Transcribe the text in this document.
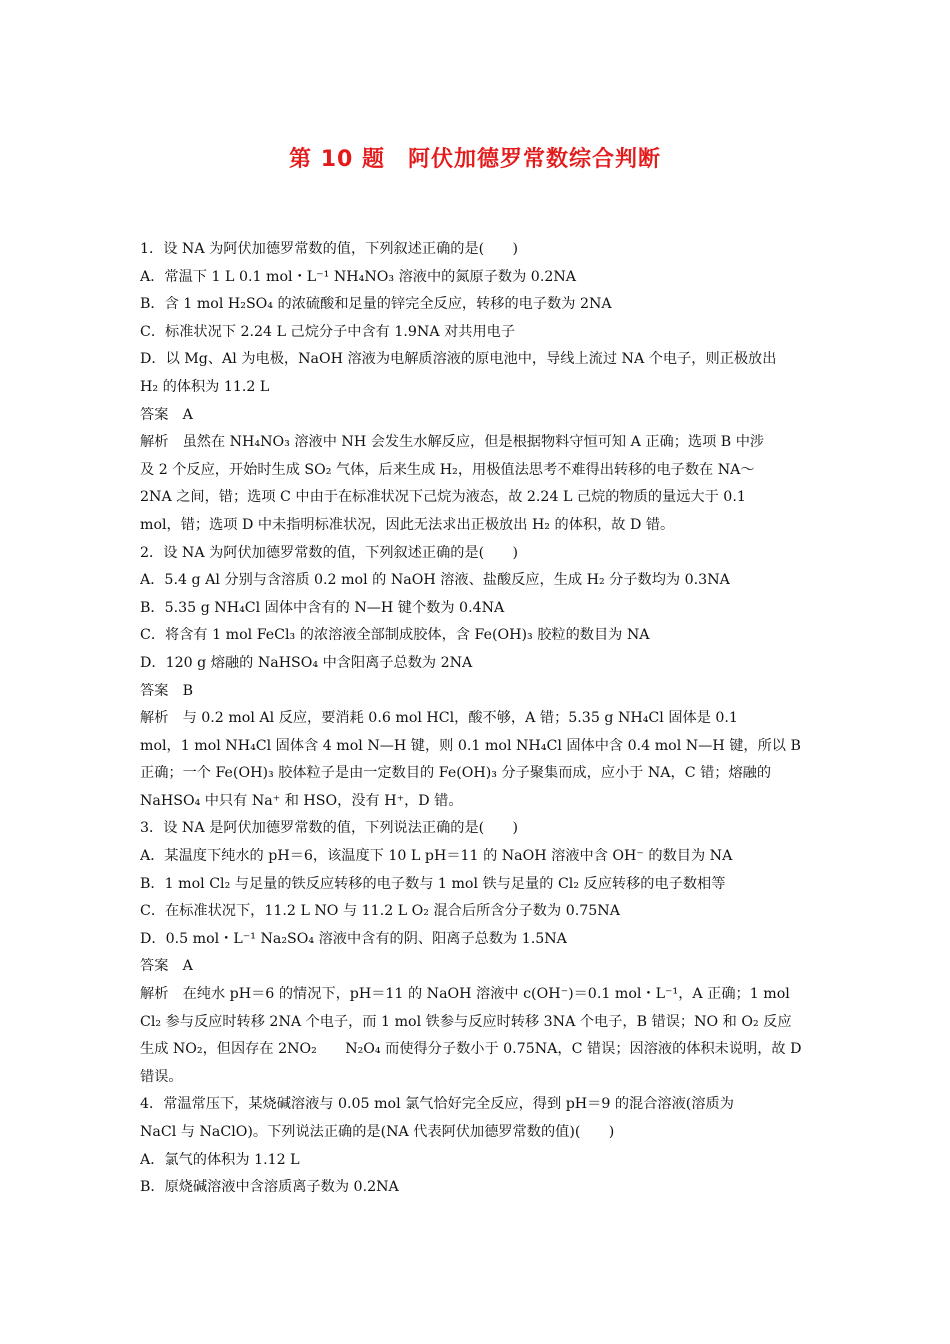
第 10 题　阿伏加德罗常数综合判断
1．设 NA 为阿伏加德罗常数的值，下列叙述正确的是(　　)
A．常温下 1 L 0.1 mol・L⁻¹ NH₄NO₃ 溶液中的氮原子数为 0.2NA
B．含 1 mol H₂SO₄ 的浓硫酸和足量的锌完全反应，转移的电子数为 2NA
C．标准状况下 2.24 L 己烷分子中含有 1.9NA 对共用电子
D．以 Mg、Al 为电极，NaOH 溶液为电解质溶液的原电池中，导线上流过 NA 个电子，则正极放出
H₂ 的体积为 11.2 L
答案　A
解析　虽然在 NH₄NO₃ 溶液中 NH 会发生水解反应，但是根据物料守恒可知 A 正确；选项 B 中涉
及 2 个反应，开始时生成 SO₂ 气体，后来生成 H₂，用极值法思考不难得出转移的电子数在 NA～
2NA 之间，错；选项 C 中由于在标准状况下己烷为液态，故 2.24 L 己烷的物质的量远大于 0.1
mol，错；选项 D 中未指明标准状况，因此无法求出正极放出 H₂ 的体积，故 D 错。
2．设 NA 为阿伏加德罗常数的值，下列叙述正确的是(　　)
A．5.4 g Al 分别与含溶质 0.2 mol 的 NaOH 溶液、盐酸反应，生成 H₂ 分子数均为 0.3NA
B．5.35 g NH₄Cl 固体中含有的 N—H 键个数为 0.4NA
C．将含有 1 mol FeCl₃ 的浓溶液全部制成胶体，含 Fe(OH)₃ 胶粒的数目为 NA
D．120 g 熔融的 NaHSO₄ 中含阳离子总数为 2NA
答案　B
解析　与 0.2 mol Al 反应，要消耗 0.6 mol HCl，酸不够，A 错；5.35 g NH₄Cl 固体是 0.1
mol，1 mol NH₄Cl 固体含 4 mol N—H 键，则 0.1 mol NH₄Cl 固体中含 0.4 mol N—H 键，所以 B
正确；一个 Fe(OH)₃ 胶体粒子是由一定数目的 Fe(OH)₃ 分子聚集而成，应小于 NA，C 错；熔融的
NaHSO₄ 中只有 Na⁺ 和 HSO，没有 H⁺，D 错。
3．设 NA 是阿伏加德罗常数的值，下列说法正确的是(　　)
A．某温度下纯水的 pH＝6，该温度下 10 L pH＝11 的 NaOH 溶液中含 OH⁻ 的数目为 NA
B．1 mol Cl₂ 与足量的铁反应转移的电子数与 1 mol 铁与足量的 Cl₂ 反应转移的电子数相等
C．在标准状况下，11.2 L NO 与 11.2 L O₂ 混合后所含分子数为 0.75NA
D．0.5 mol・L⁻¹ Na₂SO₄ 溶液中含有的阴、阳离子总数为 1.5NA
答案　A
解析　在纯水 pH＝6 的情况下，pH＝11 的 NaOH 溶液中 c(OH⁻)＝0.1 mol・L⁻¹，A 正确；1 mol
Cl₂ 参与反应时转移 2NA 个电子，而 1 mol 铁参与反应时转移 3NA 个电子，B 错误；NO 和 O₂ 反应
生成 NO₂，但因存在 2NO₂　　N₂O₄ 而使得分子数小于 0.75NA，C 错误；因溶液的体积未说明，故 D
错误。
4．常温常压下，某烧碱溶液与 0.05 mol 氯气恰好完全反应，得到 pH＝9 的混合溶液(溶质为
NaCl 与 NaClO)。下列说法正确的是(NA 代表阿伏加德罗常数的值)(　　)
A．氯气的体积为 1.12 L
B．原烧碱溶液中含溶质离子数为 0.2NA
